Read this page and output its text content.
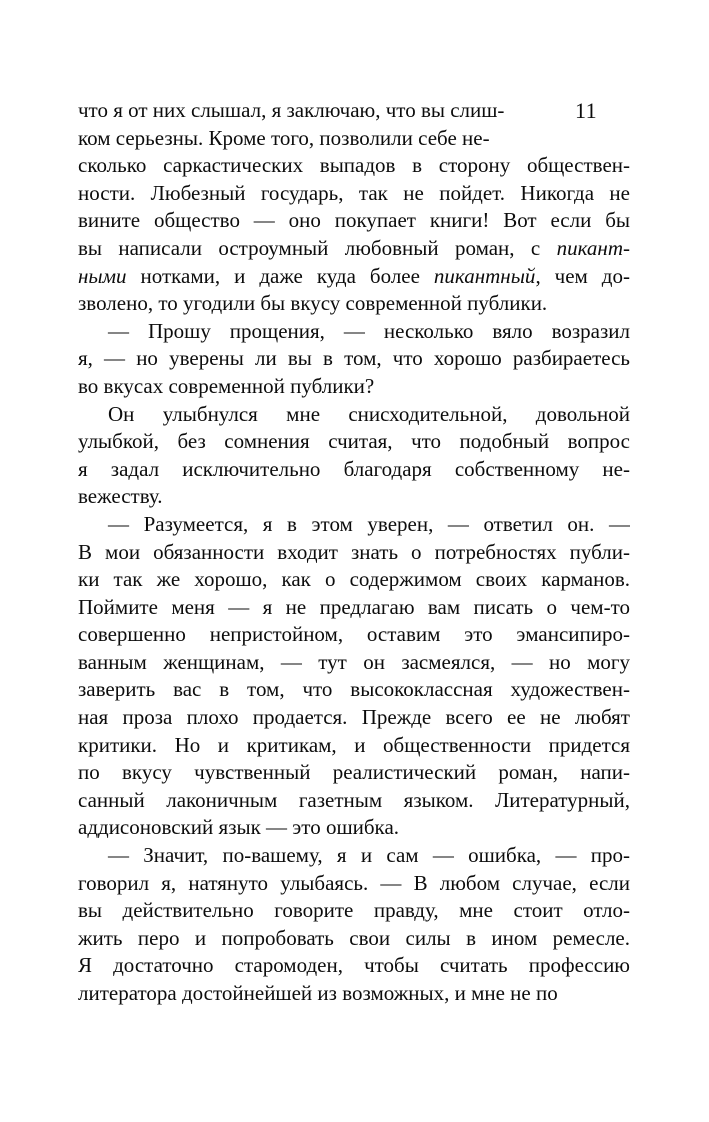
11
что я от них слышал, я заключаю, что вы слиш-
ком серьезны. Кроме того, позволили себе не-
сколько саркастических выпадов в сторону обществен-
ности. Любезный государь, так не пойдет. Никогда не
вините общество — оно покупает книги! Вот если бы
вы написали остроумный любовный роман, с пикант-
ными нотками, и даже куда более пикантный, чем до-
зволено, то угодили бы вкусу современной публики.
— Прошу прощения, — несколько вяло возразил
я, — но уверены ли вы в том, что хорошо разбираетесь
во вкусах современной публики?
Он улыбнулся мне снисходительной, довольной
улыбкой, без сомнения считая, что подобный вопрос
я задал исключительно благодаря собственному не-
вежеству.
— Разумеется, я в этом уверен, — ответил он. —
В мои обязанности входит знать о потребностях публи-
ки так же хорошо, как о содержимом своих карманов.
Поймите меня — я не предлагаю вам писать о чем-то
совершенно непристойном, оставим это эмансипиро-
ванным женщинам, — тут он засмеялся, — но могу
заверить вас в том, что высококлассная художествен-
ная проза плохо продается. Прежде всего ее не любят
критики. Но и критикам, и общественности придется
по вкусу чувственный реалистический роман, напи-
санный лаконичным газетным языком. Литературный,
аддисоновский язык — это ошибка.
— Значит, по-вашему, я и сам — ошибка, — про-
говорил я, натянуто улыбаясь. — В любом случае, если
вы действительно говорите правду, мне стоит отло-
жить перо и попробовать свои силы в ином ремесле.
Я достаточно старомоден, чтобы считать профессию
литератора достойнейшей из возможных, и мне не по
